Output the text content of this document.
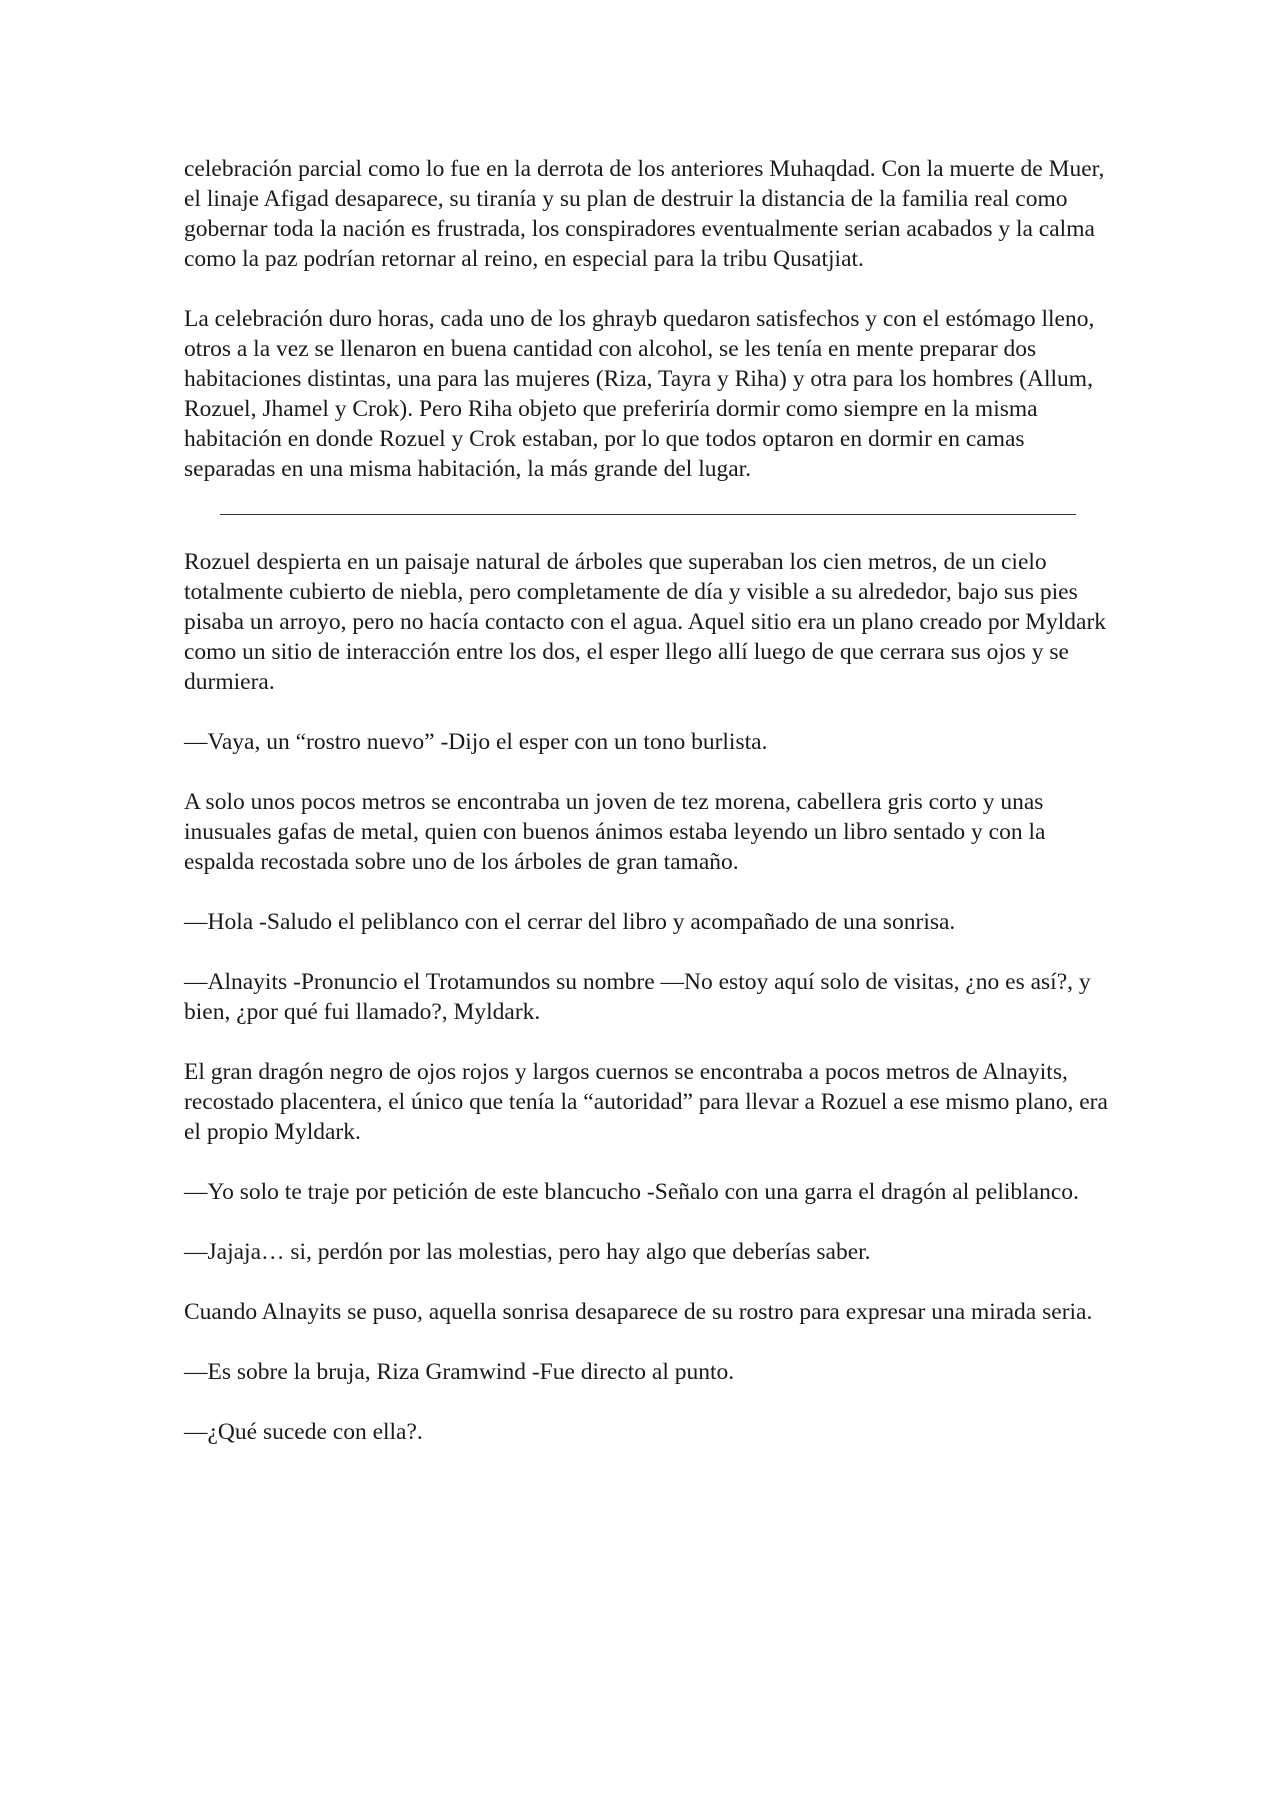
celebración parcial como lo fue en la derrota de los anteriores Muhaqdad. Con la muerte de Muer, el linaje Afigad desaparece, su tiranía y su plan de destruir la distancia de la familia real como gobernar toda la nación es frustrada, los conspiradores eventualmente serian acabados y la calma como la paz podrían retornar al reino, en especial para la tribu Qusatjiat.

La celebración duro horas, cada uno de los ghrayb quedaron satisfechos y con el estómago lleno, otros a la vez se llenaron en buena cantidad con alcohol, se les tenía en mente preparar dos habitaciones distintas, una para las mujeres (Riza, Tayra y Riha) y otra para los hombres (Allum, Rozuel, Jhamel y Crok). Pero Riha objeto que preferiría dormir como siempre en la misma habitación en donde Rozuel y Crok estaban, por lo que todos optaron en dormir en camas separadas en una misma habitación, la más grande del lugar.

Rozuel despierta en un paisaje natural de árboles que superaban los cien metros, de un cielo totalmente cubierto de niebla, pero completamente de día y visible a su alrededor, bajo sus pies pisaba un arroyo, pero no hacía contacto con el agua. Aquel sitio era un plano creado por Myldark como un sitio de interacción entre los dos, el esper llego allí luego de que cerrara sus ojos y se durmiera.

—Vaya, un “rostro nuevo” -Dijo el esper con un tono burlista.

A solo unos pocos metros se encontraba un joven de tez morena, cabellera gris corto y unas inusuales gafas de metal, quien con buenos ánimos estaba leyendo un libro sentado y con la espalda recostada sobre uno de los árboles de gran tamaño.

—Hola -Saludo el peliblanco con el cerrar del libro y acompañado de una sonrisa.

—Alnayits -Pronuncio el Trotamundos su nombre —No estoy aquí solo de visitas, ¿no es así?, y bien, ¿por qué fui llamado?, Myldark.

El gran dragón negro de ojos rojos y largos cuernos se encontraba a pocos metros de Alnayits, recostado placentera, el único que tenía la “autoridad” para llevar a Rozuel a ese mismo plano, era el propio Myldark.

—Yo solo te traje por petición de este blancucho -Señalo con una garra el dragón al peliblanco.

—Jajaja… si, perdón por las molestias, pero hay algo que deberías saber.

Cuando Alnayits se puso, aquella sonrisa desaparece de su rostro para expresar una mirada seria.

—Es sobre la bruja, Riza Gramwind -Fue directo al punto.

—¿Qué sucede con ella?.
